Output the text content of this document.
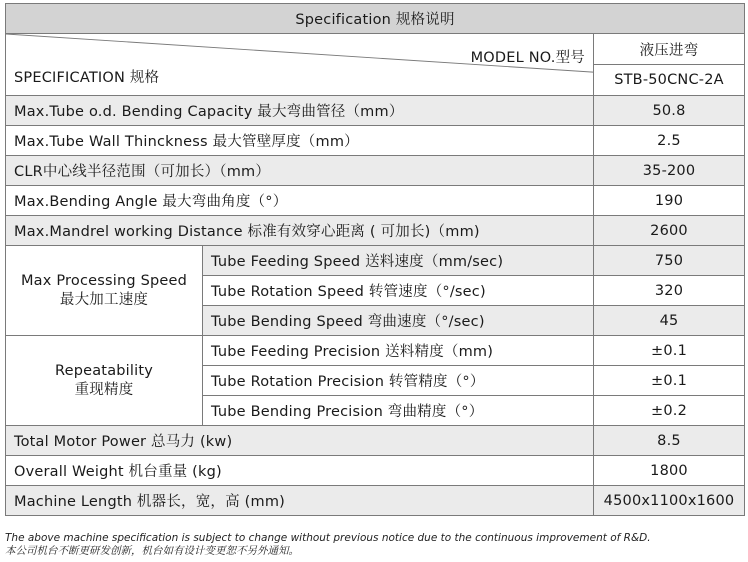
Specification 规格说明		

MODEL NO.型号
SPECIFICATION 规格		液压进弯
		STB-50CNC-2A
Max.Tube o.d. Bending Capacity 最大弯曲管径（mm）		50.8
Max.Tube Wall Thinckness 最大管壁厚度（mm）		2.5
CLR中心线半径范围（可加长）（mm）		35-200
Max.Bending Angle 最大弯曲角度（°）		190
Max.Mandrel working Distance 标准有效穿心距离 ( 可加长)（mm)		2600

Max Processing Speed
最大加工速度	Tube Feeding Speed 送料速度（mm/sec)	750
	Tube Rotation Speed 转管速度（°/sec)	320
	Tube Bending Speed 弯曲速度（°/sec)	45

Repeatability
重现精度	Tube Feeding Precision 送料精度（mm)	±0.1
	Tube Rotation Precision 转管精度（°）	±0.1
	Tube Bending Precision 弯曲精度（°）	±0.2
Total Motor Power 总马力 (kw)		8.5
Overall Weight 机台重量 (kg)		1800
Machine Length 机器长，宽，高 (mm)		4500x1100x1600
The above machine specification is subject to change without previous notice due to the continuous improvement of R&D.
本公司机台不断更研发创新，机台如有设计变更恕不另外通知。
